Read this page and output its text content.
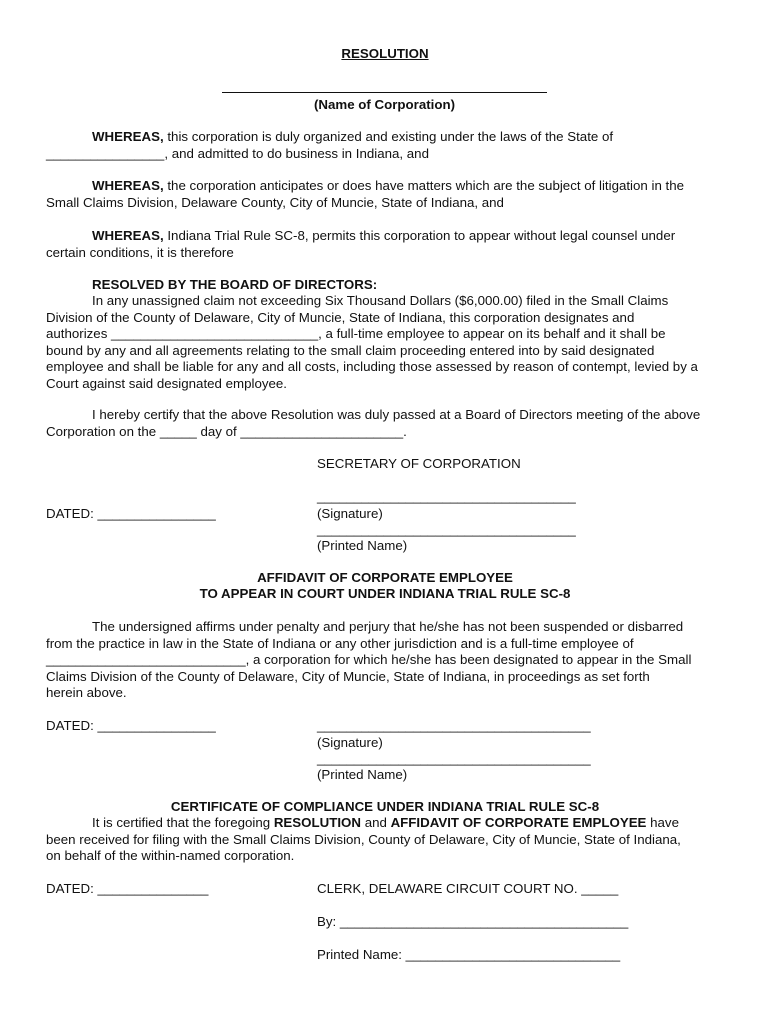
RESOLUTION
(Name of Corporation)
WHEREAS, this corporation is duly organized and existing under the laws of the State of
________________, and admitted to do business in Indiana, and
WHEREAS, the corporation anticipates or does have matters which are the subject of litigation in the
Small Claims Division, Delaware County, City of Muncie, State of Indiana, and
WHEREAS, Indiana Trial Rule SC-8, permits this corporation to appear without legal counsel under
certain conditions, it is therefore
RESOLVED BY THE BOARD OF DIRECTORS:
In any unassigned claim not exceeding Six Thousand Dollars ($6,000.00) filed in the Small Claims
Division of the County of Delaware, City of Muncie, State of Indiana, this corporation designates and
authorizes ____________________________, a full-time employee to appear on its behalf and it shall be
bound by any and all agreements relating to the small claim proceeding entered into by said designated
employee and shall be liable for any and all costs, including those assessed by reason of contempt, levied by a
Court against said designated employee.
I hereby certify that the above Resolution was duly passed at a Board of Directors meeting of the above
Corporation on the _____ day of ______________________.
SECRETARY OF CORPORATION
___________________________________
(Signature)
DATED: ________________
___________________________________
(Printed Name)
AFFIDAVIT OF CORPORATE EMPLOYEE
TO APPEAR IN COURT UNDER INDIANA TRIAL RULE SC-8
The undersigned affirms under penalty and perjury that he/she has not been suspended or disbarred
from the practice in law in the State of Indiana or any other jurisdiction and is a full-time employee of
___________________________, a corporation for which he/she has been designated to appear in the Small
Claims Division of the County of Delaware, City of Muncie, State of Indiana, in proceedings as set forth
herein above.
DATED: ________________	_____________________________________
(Signature)
_____________________________________
(Printed Name)
CERTIFICATE OF COMPLIANCE UNDER INDIANA TRIAL RULE SC-8
It is certified that the foregoing RESOLUTION and AFFIDAVIT OF CORPORATE EMPLOYEE have
been received for filing with the Small Claims Division, County of Delaware, City of Muncie, State of Indiana,
on behalf of the within-named corporation.
DATED: _______________	CLERK, DELAWARE CIRCUIT COURT NO. _____
By: _______________________________________
Printed Name: _____________________________
